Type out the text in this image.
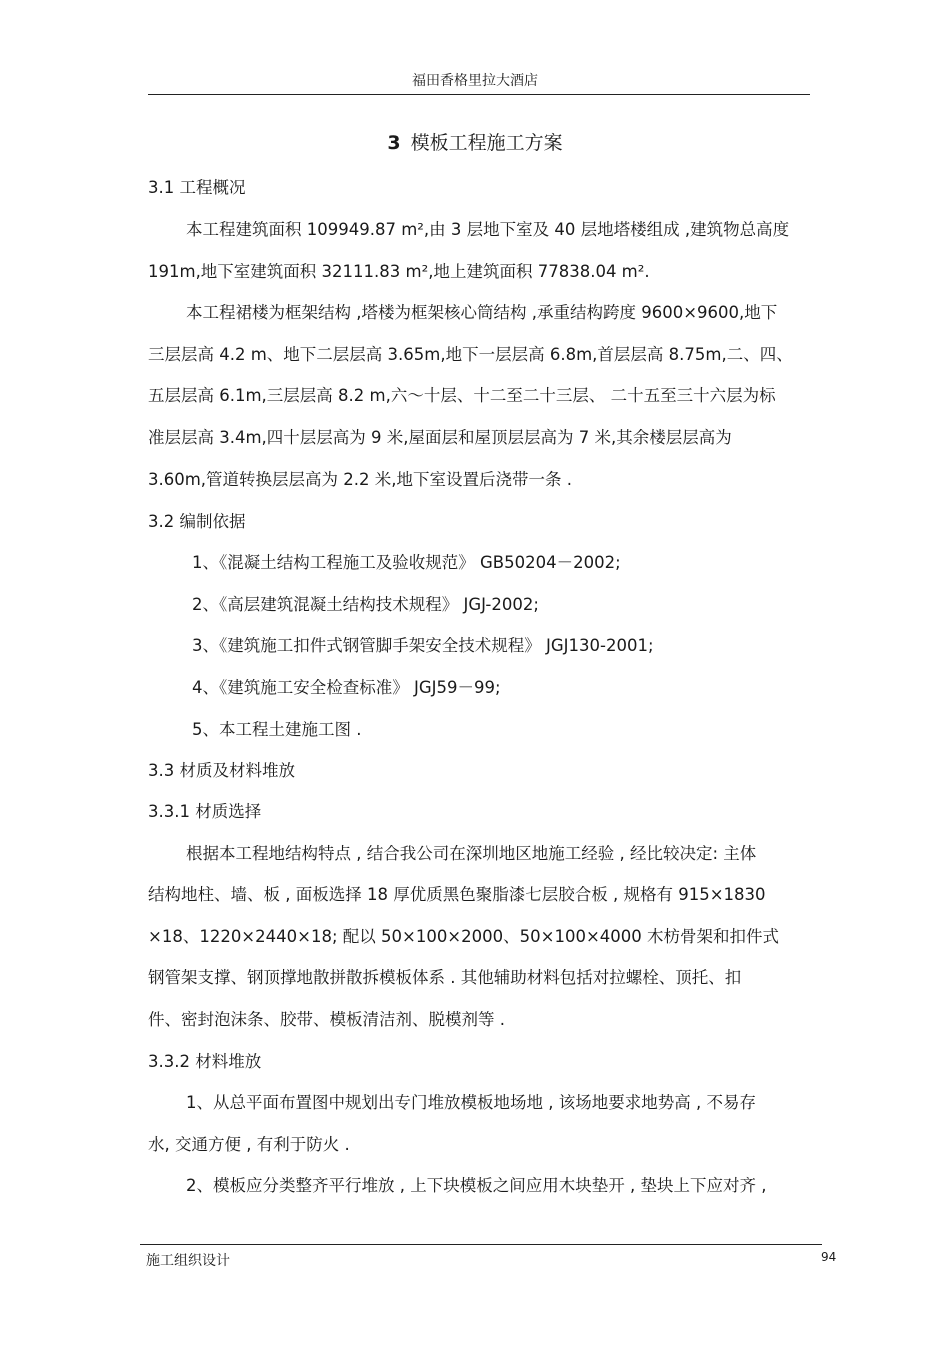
福田香格里拉大酒店
3 模板工程施工方案
3.1 工程概况
本工程建筑面积 109949.87 m²,由 3 层地下室及 40 层地塔楼组成 ,建筑物总高度
191m,地下室建筑面积 32111.83 m²,地上建筑面积 77838.04 m².
本工程裙楼为框架结构 ,塔楼为框架核心筒结构 ,承重结构跨度 9600×9600,地下
三层层高 4.2 m、地下二层层高 3.65m,地下一层层高 6.8m,首层层高 8.75m,二、四、
五层层高 6.1m,三层层高 8.2 m,六～十层、十二至二十三层、 二十五至三十六层为标
准层层高 3.4m,四十层层高为 9 米,屋面层和屋顶层层高为 7 米,其余楼层层高为
3.60m,管道转换层层高为 2.2 米,地下室设置后浇带一条 .
3.2 编制依据
1、《混凝土结构工程施工及验收规范》 GB50204－2002;
2、《高层建筑混凝土结构技术规程》 JGJ-2002;
3、《建筑施工扣件式钢管脚手架安全技术规程》 JGJ130-2001;
4、《建筑施工安全检查标准》 JGJ59－99;
5、本工程土建施工图 .
3.3 材质及材料堆放
3.3.1 材质选择
根据本工程地结构特点 , 结合我公司在深圳地区地施工经验 , 经比较决定: 主体
结构地柱、墙、板 , 面板选择 18 厚优质黑色聚脂漆七层胶合板 , 规格有 915×1830
×18、1220×2440×18; 配以 50×100×2000、50×100×4000 木枋骨架和扣件式
钢管架支撑、钢顶撑地散拼散拆模板体系 . 其他辅助材料包括对拉螺栓、顶托、扣
件、密封泡沫条、胶带、模板清洁剂、脱模剂等 .
3.3.2 材料堆放
1、从总平面布置图中规划出专门堆放模板地场地 , 该场地要求地势高 , 不易存
水, 交通方便 , 有利于防火 .
2、模板应分类整齐平行堆放 , 上下块模板之间应用木块垫开 , 垫块上下应对齐 ,
施工组织设计	94
